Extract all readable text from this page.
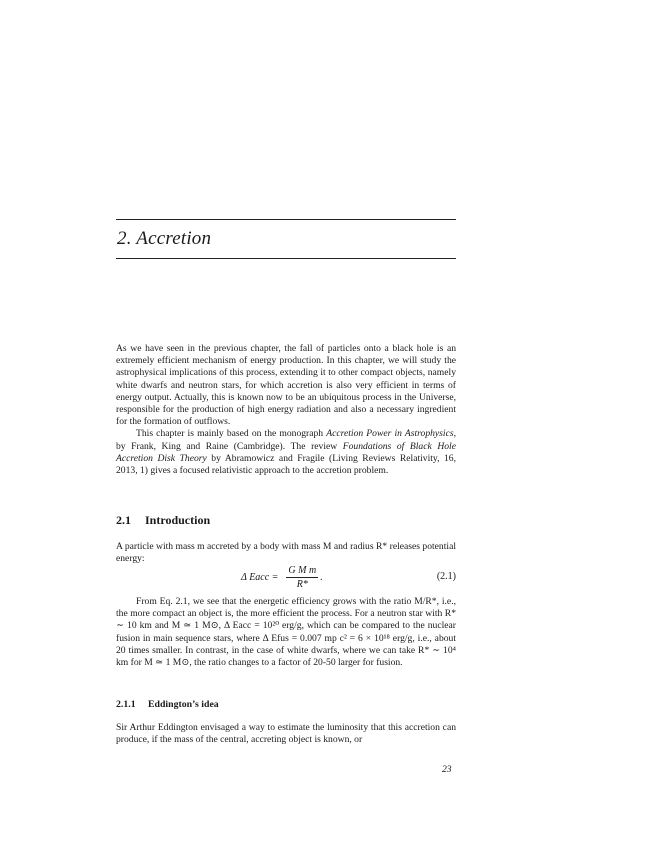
2. Accretion

As we have seen in the previous chapter, the fall of particles onto a black hole is an extremely efficient mechanism of energy production. In this chapter, we will study the astrophysical implications of this process, extending it to other compact objects, namely white dwarfs and neutron stars, for which accretion is also very efficient in terms of energy output. Actually, this is known now to be an ubiquitous process in the Universe, responsible for the production of high energy radiation and also a necessary ingredient for the formation of outflows.

This chapter is mainly based on the monograph Accretion Power in Astrophysics, by Frank, King and Raine (Cambridge). The review Foundations of Black Hole Accretion Disk Theory by Abramowicz and Fragile (Living Reviews Relativity, 16, 2013, 1) gives a focused relativistic approach to the accretion problem.

2.1 Introduction

A particle with mass m accreted by a body with mass M and radius R* releases potential energy:

Δ Eacc = $\frac{\text{G M m}}{R*}$ .	(2.1)

From Eq. 2.1, we see that the energetic efficiency grows with the ratio M/R*, i.e., the more compact an object is, the more efficient the process. For a neutron star with R* ∼ 10 km and M ≃ 1 M⊙, Δ Eacc = 10²⁰ erg/g, which can be compared to the nuclear fusion in main sequence stars, where Δ Efus = 0.007 mp c² = 6 × 10¹⁸ erg/g, i.e., about 20 times smaller. In contrast, in the case of white dwarfs, where we can take R* ∼ 10⁴ km for M ≃ 1 M⊙, the ratio changes to a factor of 20-50 larger for fusion.

2.1.1 Eddington’s idea

Sir Arthur Eddington envisaged a way to estimate the luminosity that this accretion can produce, if the mass of the central, accreting object is known, or

23
